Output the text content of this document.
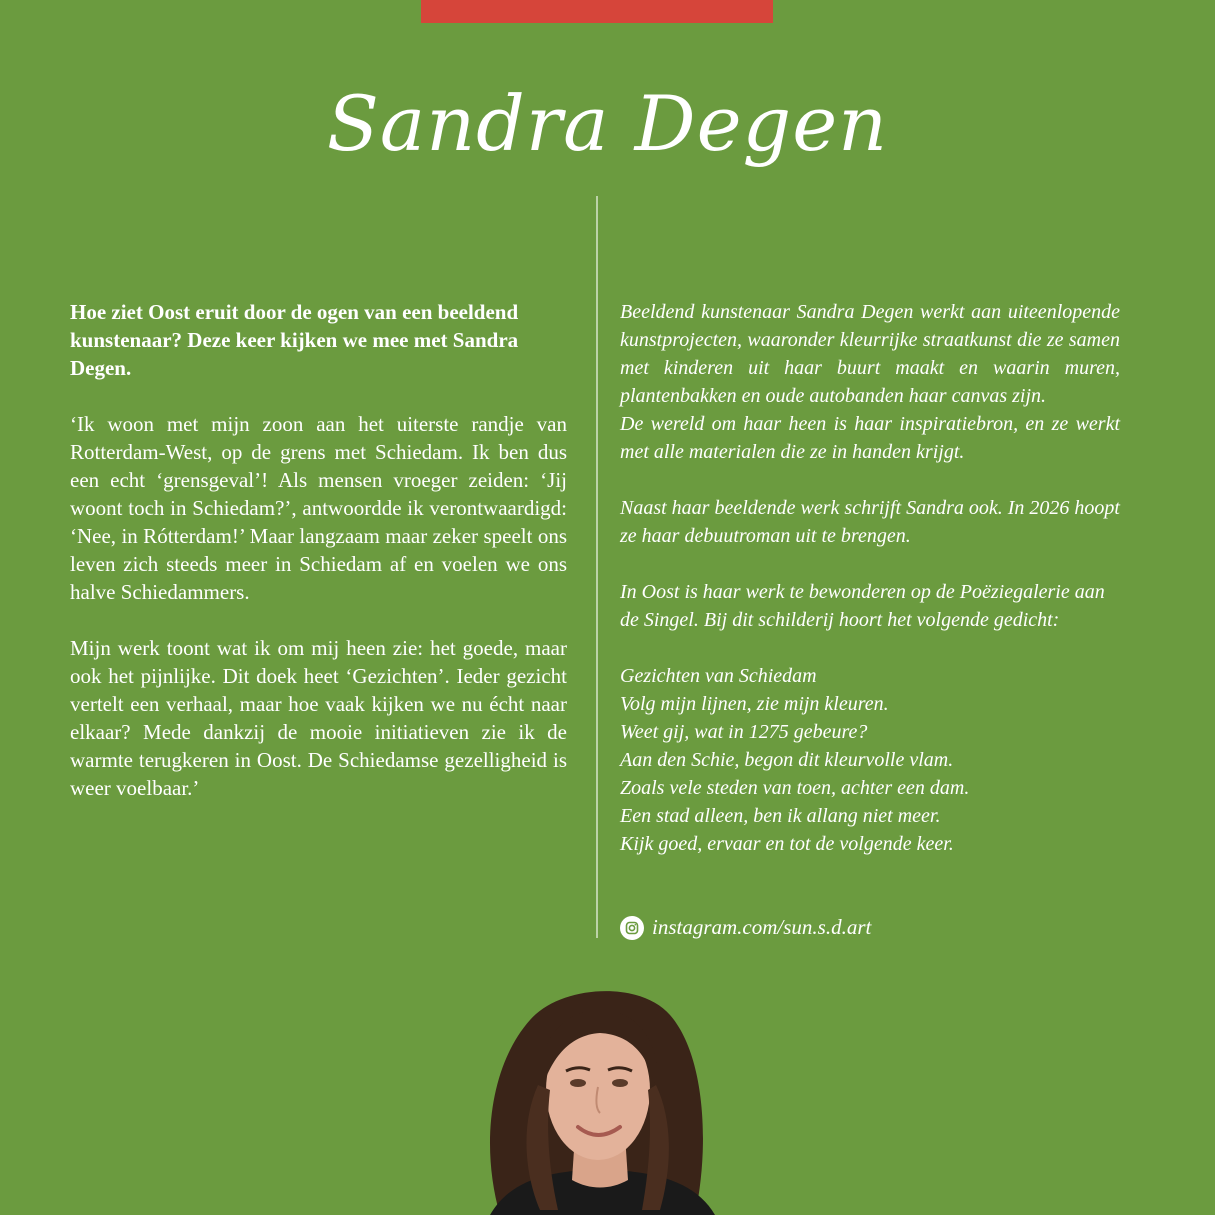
Sandra Degen

Hoe ziet Oost eruit door de ogen van een beeldend kunstenaar? Deze keer kijken we mee met Sandra Degen.

‘Ik woon met mijn zoon aan het uiterste randje van Rotterdam-West, op de grens met Schiedam. Ik ben dus een echt ‘grensgeval’! Als mensen vroeger zeiden: ‘Jij woont toch in Schiedam?’, antwoordde ik verontwaardigd: ‘Nee, in Rótterdam!’ Maar langzaam maar zeker speelt ons leven zich steeds meer in Schiedam af en voelen we ons halve Schiedammers.

Mijn werk toont wat ik om mij heen zie: het goede, maar ook het pijnlijke. Dit doek heet ‘Gezichten’. Ieder gezicht vertelt een verhaal, maar hoe vaak kijken we nu écht naar elkaar? Mede dankzij de mooie initiatieven zie ik de warmte terugkeren in Oost. De Schiedamse gezelligheid is weer voelbaar.’

Beeldend kunstenaar Sandra Degen werkt aan uiteenlopende kunstprojecten, waaronder kleurrijke straatkunst die ze samen met kinderen uit haar buurt maakt en waarin muren, plantenbakken en oude autobanden haar canvas zijn.
De wereld om haar heen is haar inspiratiebron, en ze werkt met alle materialen die ze in handen krijgt.

Naast haar beeldende werk schrijft Sandra ook. In 2026 hoopt ze haar debuutroman uit te brengen.

In Oost is haar werk te bewonderen op de Poëziegalerie aan de Singel. Bij dit schilderij hoort het volgende gedicht:

Gezichten van Schiedam
Volg mijn lijnen, zie mijn kleuren.
Weet gij, wat in 1275 gebeure?
Aan den Schie, begon dit kleurvolle vlam.
Zoals vele steden van toen, achter een dam.
Een stad alleen, ben ik allang niet meer.
Kijk goed, ervaar en tot de volgende keer.

instagram.com/sun.s.d.art
